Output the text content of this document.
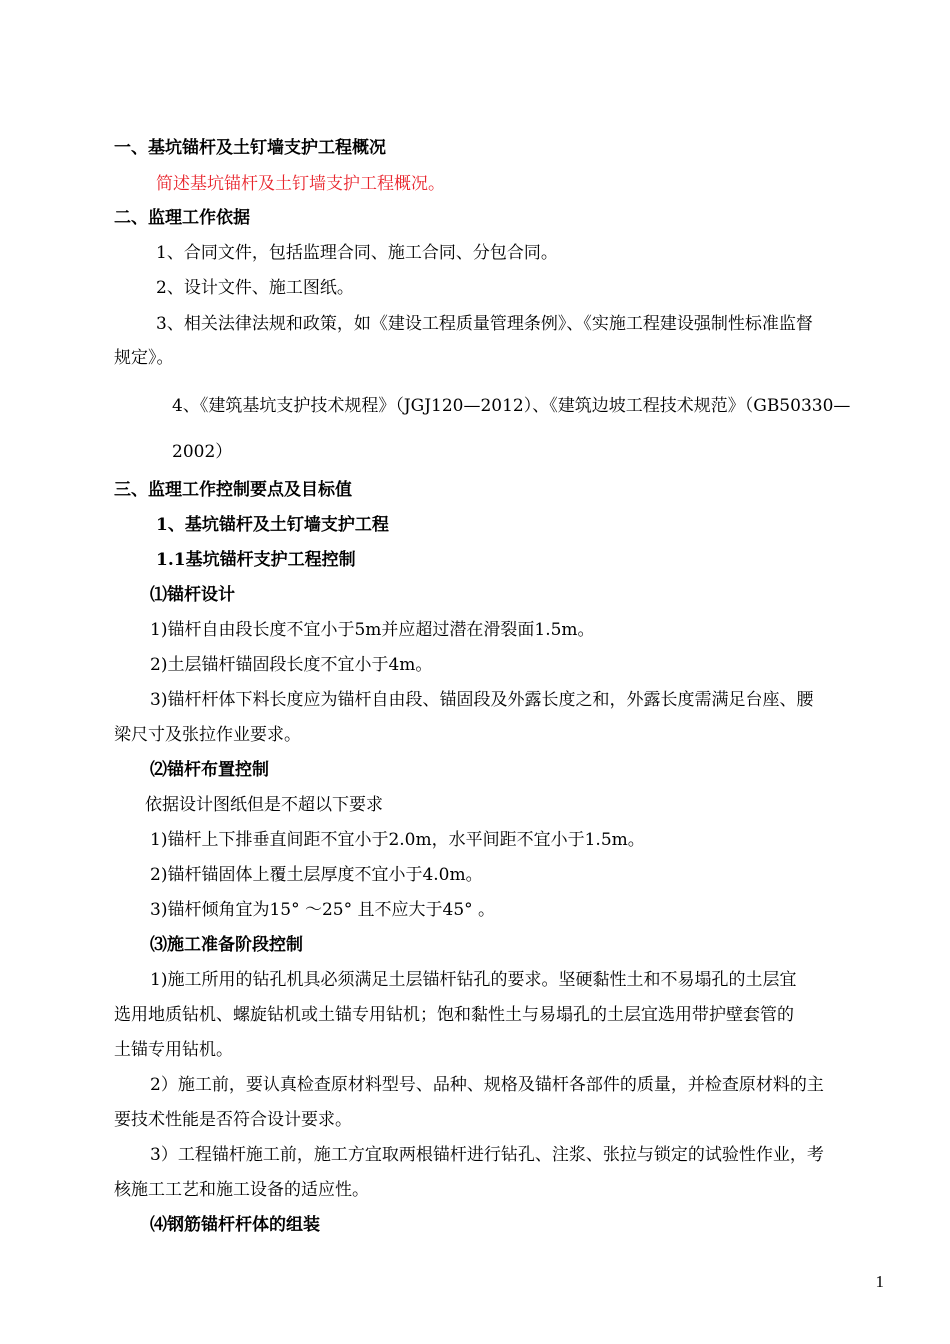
一、基坑锚杆及土钉墙支护工程概况
简述基坑锚杆及土钉墙支护工程概况。
二、监理工作依据
1、合同文件，包括监理合同、施工合同、分包合同。
2、设计文件、施工图纸。
3、相关法律法规和政策，如《建设工程质量管理条例》、《实施工程建设强制性标准监督
规定》。
4、《建筑基坑支护技术规程》（JGJ120—2012）、《建筑边坡工程技术规范》（GB50330—
2002）
三、监理工作控制要点及目标值
1、基坑锚杆及土钉墙支护工程
1.1基坑锚杆支护工程控制
⑴锚杆设计
1)锚杆自由段长度不宜小于5m并应超过潜在滑裂面1.5m。
2)土层锚杆锚固段长度不宜小于4m。
3)锚杆杆体下料长度应为锚杆自由段、锚固段及外露长度之和，外露长度需满足台座、腰
梁尺寸及张拉作业要求。
⑵锚杆布置控制
依据设计图纸但是不超以下要求
1)锚杆上下排垂直间距不宜小于2.0m，水平间距不宜小于1.5m。
2)锚杆锚固体上覆土层厚度不宜小于4.0m。
3)锚杆倾角宜为15° ～25° 且不应大于45° 。
⑶施工准备阶段控制
1)施工所用的钻孔机具必须满足土层锚杆钻孔的要求。坚硬黏性土和不易塌孔的土层宜
选用地质钻机、螺旋钻机或土锚专用钻机；饱和黏性土与易塌孔的土层宜选用带护壁套管的
土锚专用钻机。
2）施工前，要认真检查原材料型号、品种、规格及锚杆各部件的质量，并检查原材料的主
要技术性能是否符合设计要求。
3）工程锚杆施工前，施工方宜取两根锚杆进行钻孔、注浆、张拉与锁定的试验性作业，考
核施工工艺和施工设备的适应性。
⑷钢筋锚杆杆体的组装
1
